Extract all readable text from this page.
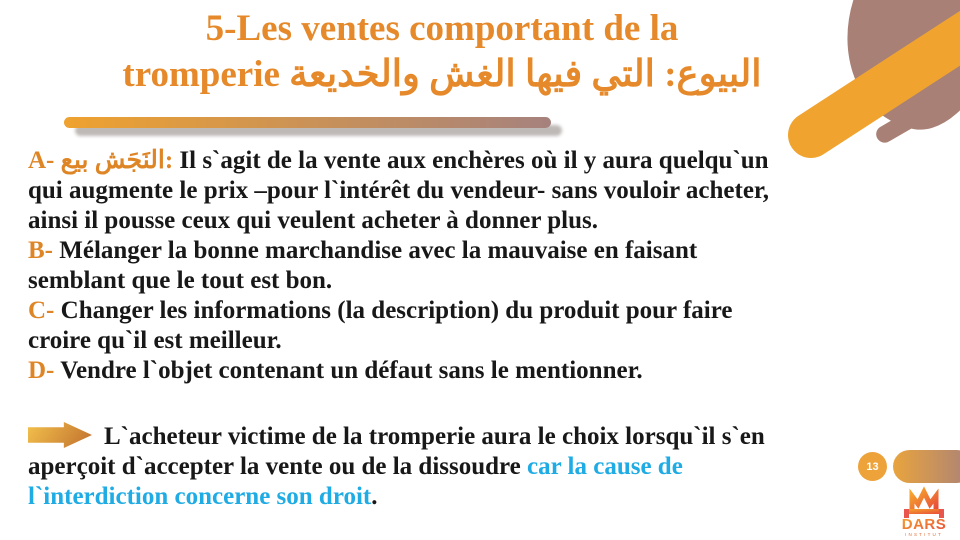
5-Les ventes comportant de la
tromperie البيوع: التي فيها الغش والخديعة
A- بيع‎ النَجَش: Il s`agit de la vente aux enchères où il y aura quelqu`un
qui augmente le prix –pour l`intérêt du vendeur- sans vouloir acheter,
ainsi il pousse ceux qui veulent acheter à donner plus.
B- Mélanger la bonne marchandise avec la mauvaise en faisant
semblant que le tout est bon.
C- Changer les informations (la description) du produit pour faire
croire qu`il est meilleur.
D- Vendre l`objet contenant un défaut sans le mentionner.
L`acheteur victime de la tromperie aura le choix lorsqu`il s`en
aperçoit d`accepter la vente ou de la dissoudre car la cause de
l`interdiction concerne son droit.
13
DARS
INSTITUT
